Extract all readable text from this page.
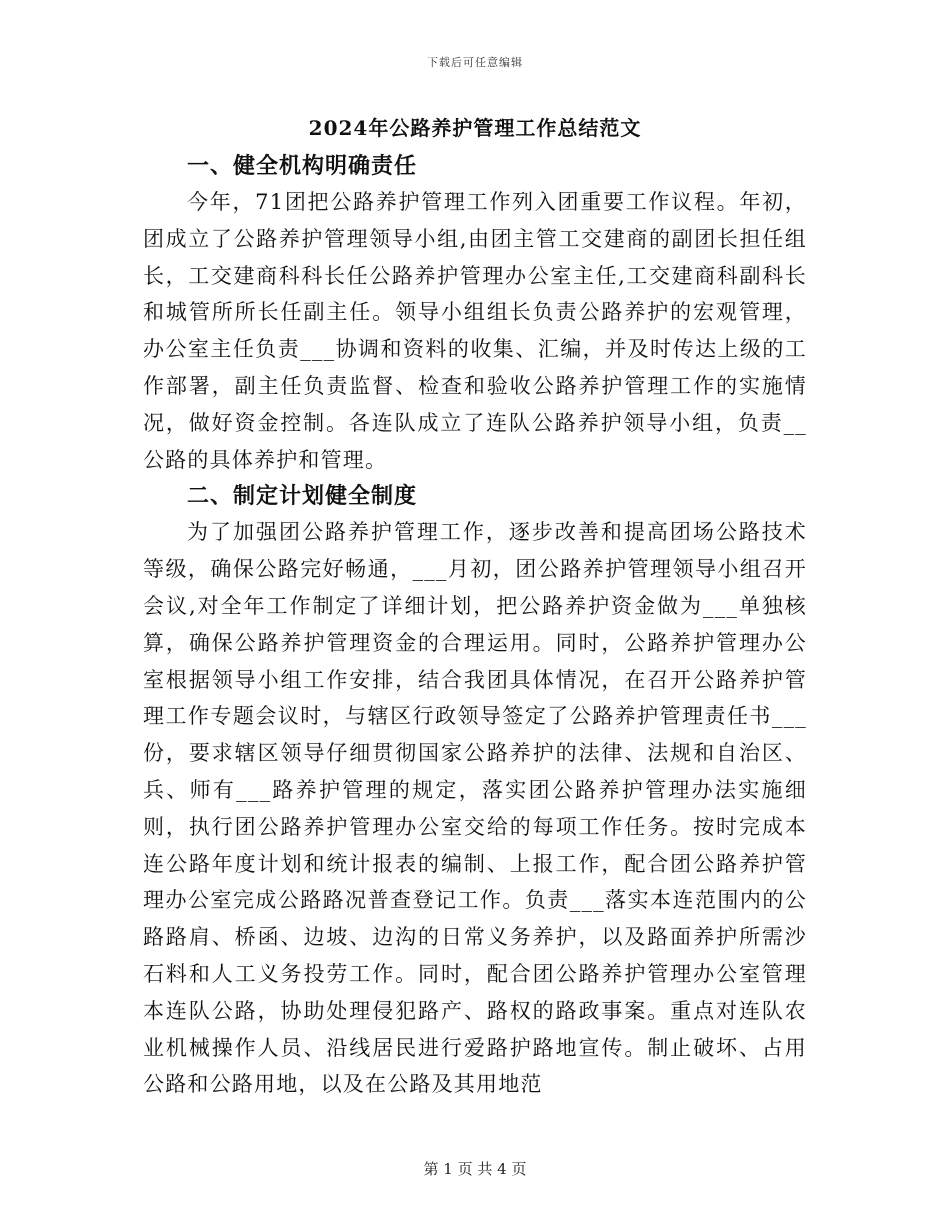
下载后可任意编辑
2024年公路养护管理工作总结范文
一、健全机构明确责任

今年，71团把公路养护管理工作列入团重要工作议程。年初，团成立了公路养护管理领导小组,由团主管工交建商的副团长担任组长，工交建商科科长任公路养护管理办公室主任,工交建商科副科长和城管所所长任副主任。领导小组组长负责公路养护的宏观管理，办公室主任负责___协调和资料的收集、汇编，并及时传达上级的工作部署，副主任负责监督、检查和验收公路养护管理工作的实施情况，做好资金控制。各连队成立了连队公路养护领导小组，负责__公路的具体养护和管理。

二、制定计划健全制度

为了加强团公路养护管理工作，逐步改善和提高团场公路技术等级，确保公路完好畅通，___月初，团公路养护管理领导小组召开会议,对全年工作制定了详细计划，把公路养护资金做为___单独核算，确保公路养护管理资金的合理运用。同时，公路养护管理办公室根据领导小组工作安排，结合我团具体情况，在召开公路养护管理工作专题会议时，与辖区行政领导签定了公路养护管理责任书___份，要求辖区领导仔细贯彻国家公路养护的法律、法规和自治区、兵、师有___路养护管理的规定，落实团公路养护管理办法实施细则，执行团公路养护管理办公室交给的每项工作任务。按时完成本连公路年度计划和统计报表的编制、上报工作，配合团公路养护管理办公室完成公路路况普查登记工作。负责___落实本连范围内的公路路肩、桥函、边坡、边沟的日常义务养护，以及路面养护所需沙石料和人工义务投劳工作。同时，配合团公路养护管理办公室管理本连队公路，协助处理侵犯路产、路权的路政事案。重点对连队农业机械操作人员、沿线居民进行爱路护路地宣传。制止破坏、占用公路和公路用地，以及在公路及其用地范

第 1 页 共 4 页
